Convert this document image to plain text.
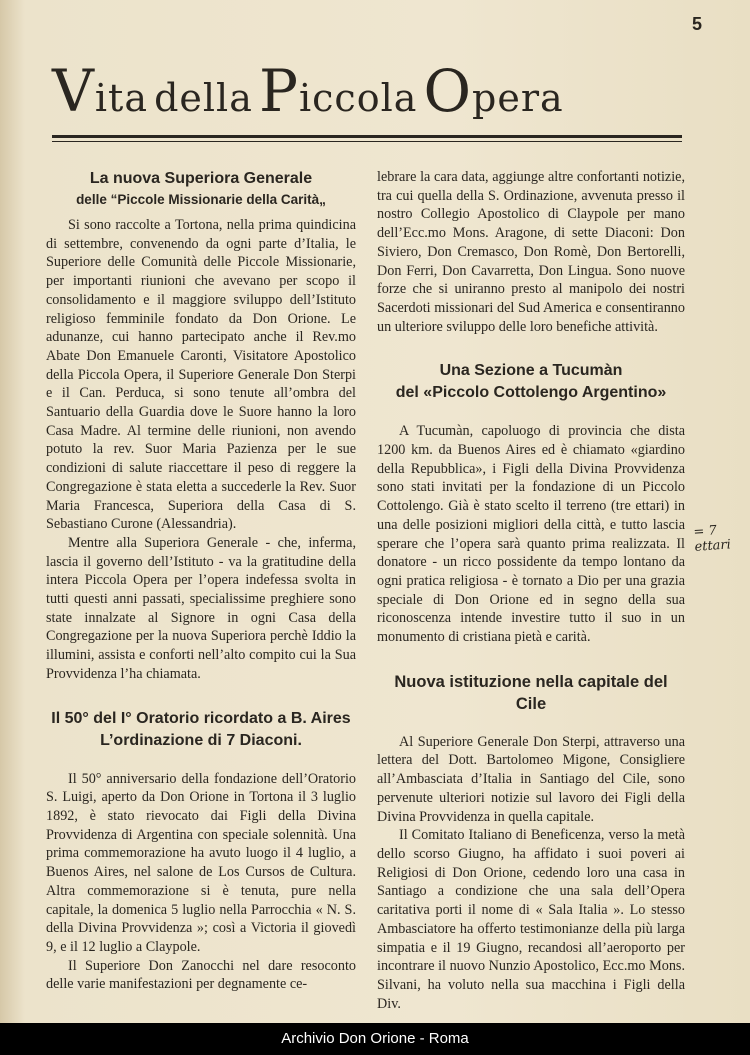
5
Vita della Piccola Opera
La nuova Superiora Generale
delle “Piccole Missionarie della Carità„

Si sono raccolte a Tortona, nella prima quindicina di settembre, convenendo da ogni parte d’Italia, le Superiore delle Comunità delle Piccole Missionarie, per importanti riunioni che avevano per scopo il consolidamento e il maggiore sviluppo dell’Istituto religioso femminile fondato da Don Orione. Le adunanze, cui hanno partecipato anche il Rev.mo Abate Don Emanuele Caronti, Visitatore Apostolico della Piccola Opera, il Superiore Generale Don Sterpi e il Can. Perduca, si sono tenute all’ombra del Santuario della Guardia dove le Suore hanno la loro Casa Madre. Al termine delle riunioni, non avendo potuto la rev. Suor Maria Pazienza per le sue condizioni di salute riaccettare il peso di reggere la Congregazione è stata eletta a succederle la Rev. Suor Maria Francesca, Superiora della Casa di S. Sebastiano Curone (Alessandria).

Mentre alla Superiora Generale - che, inferma, lascia il governo dell’Istituto - va la gratitudine della intera Piccola Opera per l’opera indefessa svolta in tutti questi anni passati, specialissime preghiere sono state innalzate al Signore in ogni Casa della Congregazione per la nuova Superiora perchè Iddio la illumini, assista e conforti nell’alto compito cui la Sua Provvidenza l’ha chiamata.

Il 50° del I° Oratorio ricordato a B. Aires
L’ordinazione di 7 Diaconi.

Il 50° anniversario della fondazione dell’Oratorio S. Luigi, aperto da Don Orione in Tortona il 3 luglio 1892, è stato rievocato dai Figli della Divina Provvidenza di Argentina con speciale solennità. Una prima commemorazione ha avuto luogo il 4 luglio, a Buenos Aires, nel salone de Los Cursos de Cultura. Altra commemorazione si è tenuta, pure nella capitale, la domenica 5 luglio nella Parrocchia « N. S. della Divina Provvidenza »; così a Victoria il giovedì 9, e il 12 luglio a Claypole.

Il Superiore Don Zanocchi nel dare resoconto delle varie manifestazioni per degnamente ce-

lebrare la cara data, aggiunge altre confortanti notizie, tra cui quella della S. Ordinazione, avvenuta presso il nostro Collegio Apostolico di Claypole per mano dell’Ecc.mo Mons. Aragone, di sette Diaconi: Don Siviero, Don Cremasco, Don Romè, Don Bertorelli, Don Ferri, Don Cavarretta, Don Lingua. Sono nuove forze che si uniranno presto al manipolo dei nostri Sacerdoti missionari del Sud America e consentiranno un ulteriore sviluppo delle loro benefiche attività.

Una Sezione a Tucumàn
del «Piccolo Cottolengo Argentino»

A Tucumàn, capoluogo di provincia che dista 1200 km. da Buenos Aires ed è chiamato «giardino della Repubblica», i Figli della Divina Provvidenza sono stati invitati per la fondazione di un Piccolo Cottolengo. Già è stato scelto il terreno (tre ettari) in una delle posizioni migliori della città, e tutto lascia sperare che l’opera sarà quanto prima realizzata. Il donatore - un ricco possidente da tempo lontano da ogni pratica religiosa - è tornato a Dio per una grazia speciale di Don Orione ed in segno della sua riconoscenza intende investire tutto il suo in un monumento di cristiana pietà e carità.

Nuova istituzione nella capitale del Cile

Al Superiore Generale Don Sterpi, attraverso una lettera del Dott. Bartolomeo Migone, Consigliere all’Ambasciata d’Italia in Santiago del Cile, sono pervenute ulteriori notizie sul lavoro dei Figli della Divina Provvidenza in quella capitale.

Il Comitato Italiano di Beneficenza, verso la metà dello scorso Giugno, ha affidato i suoi poveri ai Religiosi di Don Orione, cedendo loro una casa in Santiago a condizione che una sala dell’Opera caritativa porti il nome di « Sala Italia ». Lo stesso Ambasciatore ha offerto testimonianze della più larga simpatia e il 19 Giugno, recandosi all’aeroporto per incontrare il nuovo Nunzio Apostolico, Ecc.mo Mons. Silvani, ha voluto nella sua macchina i Figli della Div.

= 7 ettari
Archivio Don Orione - Roma
